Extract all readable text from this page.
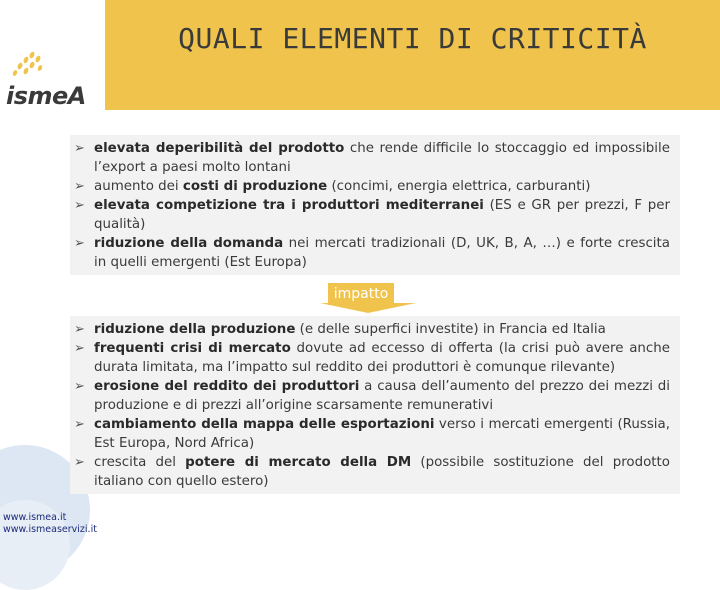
ismeA
QUALI ELEMENTI DI CRITICITÀ
➢ elevata deperibilità del prodotto che rende difficile lo stoccaggio ed impossibile l’export a paesi molto lontani
➢ aumento dei costi di produzione (concimi, energia elettrica, carburanti)
➢ elevata competizione tra i produttori mediterranei (ES e GR per prezzi, F per qualità)
➢ riduzione della domanda nei mercati tradizionali (D, UK, B, A, …) e forte crescita in quelli emergenti (Est Europa)
impatto
➢ riduzione della produzione (e delle superfici investite) in Francia ed Italia
➢ frequenti crisi di mercato dovute ad eccesso di offerta (la crisi può avere anche durata limitata, ma l’impatto sul reddito dei produttori è comunque rilevante)
➢ erosione del reddito dei produttori a causa dell’aumento del prezzo dei mezzi di produzione e di prezzi all’origine scarsamente remunerativi
➢ cambiamento della mappa delle esportazioni verso i mercati emergenti (Russia, Est Europa, Nord Africa)
➢ crescita del potere di mercato della DM (possibile sostituzione del prodotto italiano con quello estero)
www.ismea.it
www.ismeaservizi.it
